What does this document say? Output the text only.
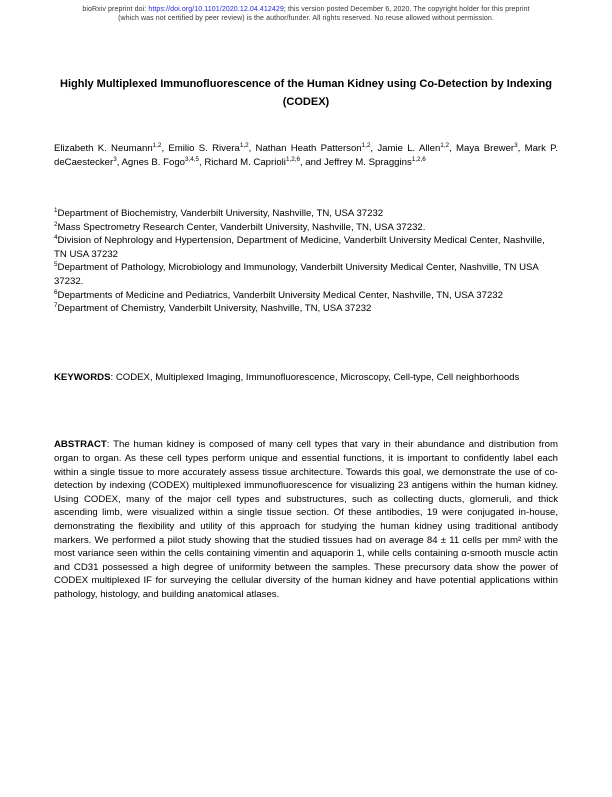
bioRxiv preprint doi: https://doi.org/10.1101/2020.12.04.412429; this version posted December 6, 2020. The copyright holder for this preprint
(which was not certified by peer review) is the author/funder. All rights reserved. No reuse allowed without permission.
Highly Multiplexed Immunofluorescence of the Human Kidney using Co-Detection by Indexing (CODEX)
Elizabeth K. Neumann$^{1,2}$, Emilio S. Rivera$^{1,2}$, Nathan Heath Patterson$^{1,2}$, Jamie L. Allen$^{1,2}$, Maya Brewer$^3$, Mark P. deCaestecker$^3$, Agnes B. Fogo$^{3,4,5}$, Richard M. Caprioli$^{1,2,6}$, and Jeffrey M. Spraggins$^{1,2,6}$
$^1$Department of Biochemistry, Vanderbilt University, Nashville, TN, USA 37232
$^2$Mass Spectrometry Research Center, Vanderbilt University, Nashville, TN, USA 37232.
$^4$Division of Nephrology and Hypertension, Department of Medicine, Vanderbilt University Medical Center, Nashville, TN USA 37232
$^5$Department of Pathology, Microbiology and Immunology, Vanderbilt University Medical Center, Nashville, TN USA 37232.
$^6$Departments of Medicine and Pediatrics, Vanderbilt University Medical Center, Nashville, TN, USA 37232
$^7$Department of Chemistry, Vanderbilt University, Nashville, TN, USA 37232
KEYWORDS: CODEX, Multiplexed Imaging, Immunofluorescence, Microscopy, Cell-type, Cell neighborhoods
ABSTRACT: The human kidney is composed of many cell types that vary in their abundance and distribution from organ to organ. As these cell types perform unique and essential functions, it is important to confidently label each within a single tissue to more accurately assess tissue architecture. Towards this goal, we demonstrate the use of co-detection by indexing (CODEX) multiplexed immunofluorescence for visualizing 23 antigens within the human kidney. Using CODEX, many of the major cell types and substructures, such as collecting ducts, glomeruli, and thick ascending limb, were visualized within a single tissue section. Of these antibodies, 19 were conjugated in-house, demonstrating the flexibility and utility of this approach for studying the human kidney using traditional antibody markers. We performed a pilot study showing that the studied tissues had on average 84 ± 11 cells per mm² with the most variance seen within the cells containing vimentin and aquaporin 1, while cells containing α-smooth muscle actin and CD31 possessed a high degree of uniformity between the samples. These precursory data show the power of CODEX multiplexed IF for surveying the cellular diversity of the human kidney and have potential applications within pathology, histology, and building anatomical atlases.
